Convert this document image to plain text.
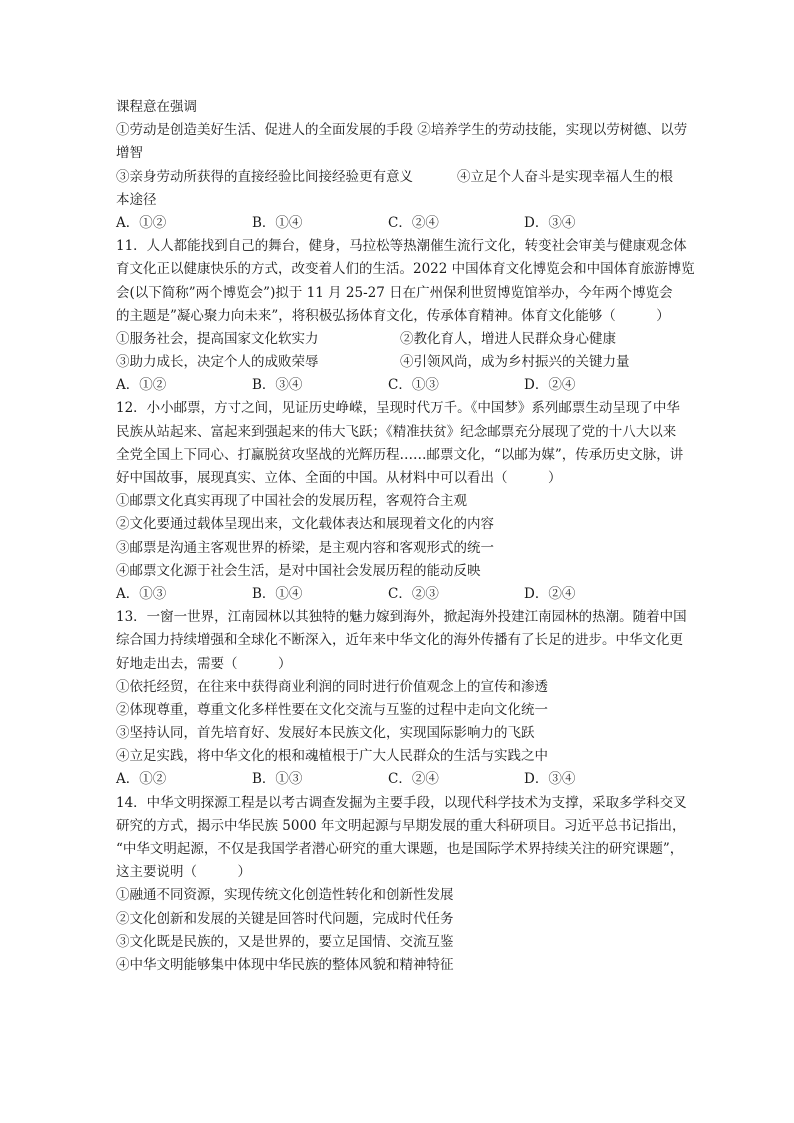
课程意在强调
①劳动是创造美好生活、促进人的全面发展的手段 ②培养学生的劳动技能，实现以劳树德、以劳
增智
③亲身劳动所获得的直接经验比间接经验更有意义	④立足个人奋斗是实现幸福人生的根
本途径
A．①②	B．①④	C．②④	D．③④
11．人人都能找到自己的舞台，健身，马拉松等热潮催生流行文化，转变社会审美与健康观念体
育文化正以健康快乐的方式，改变着人们的生活。2022 中国体育文化博览会和中国体育旅游博览
会(以下简称”两个博览会”)拟于 11 月 25-27 日在广州保利世贸博览馆举办，今年两个博览会
的主题是”凝心聚力向未来”，将积极弘扬体育文化，传承体育精神。体育文化能够（　　　）
①服务社会，提高国家文化软实力	②教化育人，增进人民群众身心健康
③助力成长，决定个人的成败荣辱	④引领风尚，成为乡村振兴的关键力量
A．①②	B．③④	C．①③	D．②④
12．小小邮票，方寸之间，见证历史峥嵘，呈现时代万千。《中国梦》系列邮票生动呈现了中华
民族从站起来、富起来到强起来的伟大飞跃；《精准扶贫》纪念邮票充分展现了党的十八大以来
全党全国上下同心、打赢脱贫攻坚战的光辉历程……邮票文化，“以邮为媒”，传承历史文脉，讲
好中国故事，展现真实、立体、全面的中国。从材料中可以看出（　　　）
①邮票文化真实再现了中国社会的发展历程，客观符合主观
②文化要通过载体呈现出来，文化载体表达和展现着文化的内容
③邮票是沟通主客观世界的桥梁，是主观内容和客观形式的统一
④邮票文化源于社会生活，是对中国社会发展历程的能动反映
A．①③	B．①④	C．②③	D．②④
13．一窗一世界，江南园林以其独特的魅力嫁到海外，掀起海外投建江南园林的热潮。随着中国
综合国力持续增强和全球化不断深入，近年来中华文化的海外传播有了长足的进步。中华文化更
好地走出去，需要（　　　）
①依托经贸，在往来中获得商业利润的同时进行价值观念上的宣传和渗透
②体现尊重，尊重文化多样性要在文化交流与互鉴的过程中走向文化统一
③坚持认同，首先培育好、发展好本民族文化，实现国际影响力的飞跃
④立足实践，将中华文化的根和魂植根于广大人民群众的生活与实践之中
A．①②	B．①③	C．②④	D．③④
14．中华文明探源工程是以考古调查发掘为主要手段，以现代科学技术为支撑，采取多学科交叉
研究的方式，揭示中华民族 5000 年文明起源与早期发展的重大科研项目。习近平总书记指出，
“中华文明起源，不仅是我国学者潜心研究的重大课题，也是国际学术界持续关注的研究课题”，
这主要说明（　　　）
①融通不同资源，实现传统文化创造性转化和创新性发展
②文化创新和发展的关键是回答时代问题，完成时代任务
③文化既是民族的，又是世界的，要立足国情、交流互鉴
④中华文明能够集中体现中华民族的整体风貌和精神特征
